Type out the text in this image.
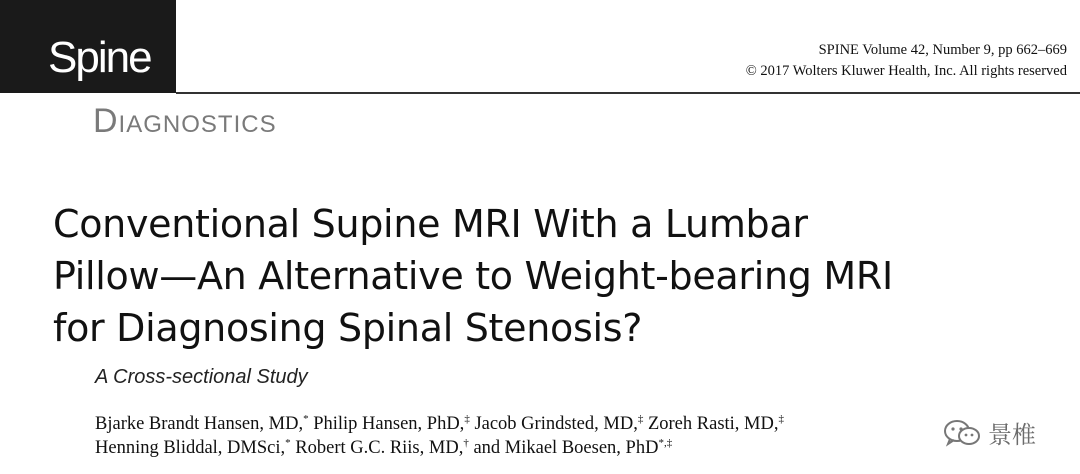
Spine	SPINE Volume 42, Number 9, pp 662–669
© 2017 Wolters Kluwer Health, Inc. All rights reserved
Diagnostics
Conventional Supine MRI With a Lumbar
Pillow—An Alternative to Weight-bearing MRI
for Diagnosing Spinal Stenosis?
A Cross-sectional Study
Bjarke Brandt Hansen, MD,* Philip Hansen, PhD,‡ Jacob Grindsted, MD,‡ Zoreh Rasti, MD,‡
Henning Bliddal, DMSci,* Robert G.C. Riis, MD,† and Mikael Boesen, PhD*,‡	景椎
